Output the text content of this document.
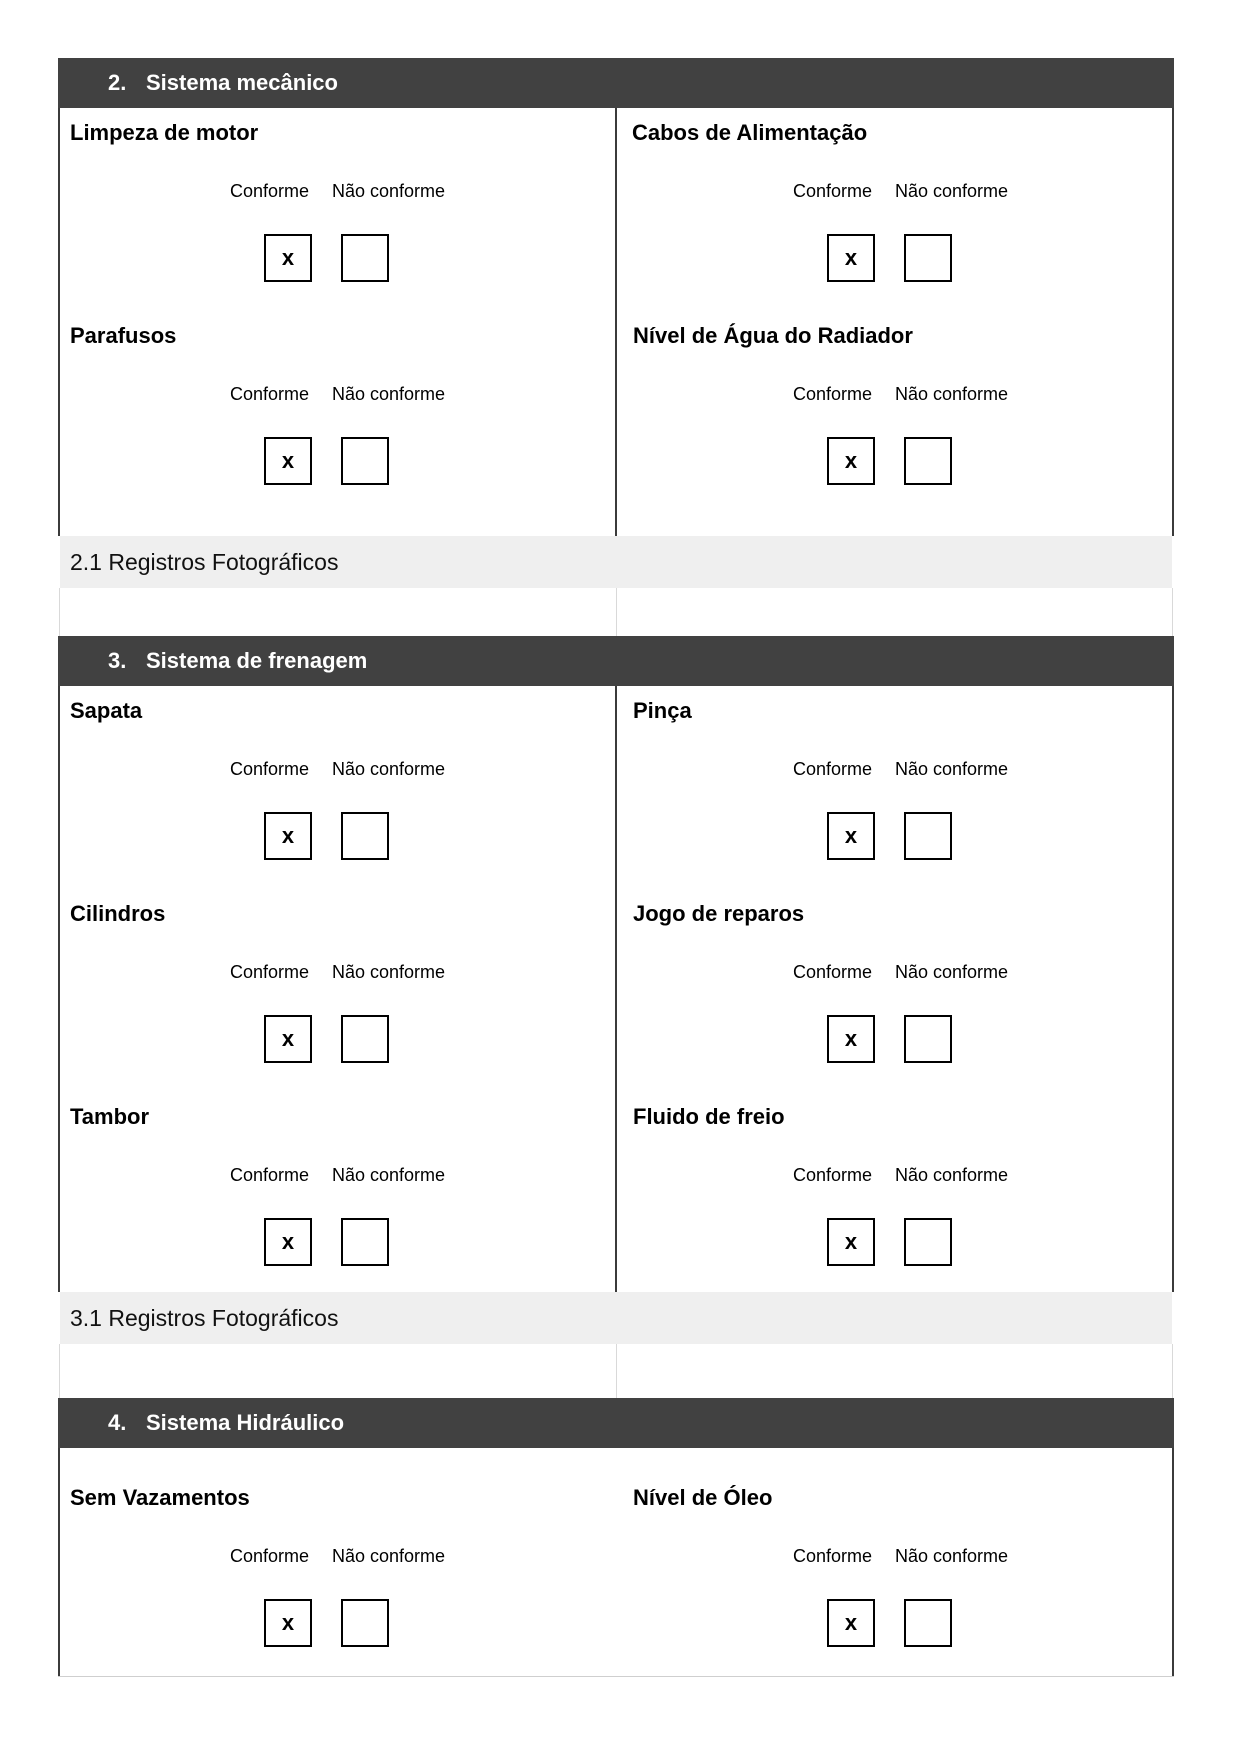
2. Sistema mecânico
Limpeza de motor
Conforme Não conforme
x
Cabos de Alimentação
Conforme Não conforme
x
Parafusos
Conforme Não conforme
x
Nível de Água do Radiador
Conforme Não conforme
x
2.1 Registros Fotográficos
3. Sistema de frenagem
Sapata
Conforme Não conforme
x
Pinça
Conforme Não conforme
x
Cilindros
Conforme Não conforme
x
Jogo de reparos
Conforme Não conforme
x
Tambor
Conforme Não conforme
x
Fluido de freio
Conforme Não conforme
x
3.1 Registros Fotográficos
4. Sistema Hidráulico
Sem Vazamentos
Conforme Não conforme
x
Nível de Óleo
Conforme Não conforme
x
